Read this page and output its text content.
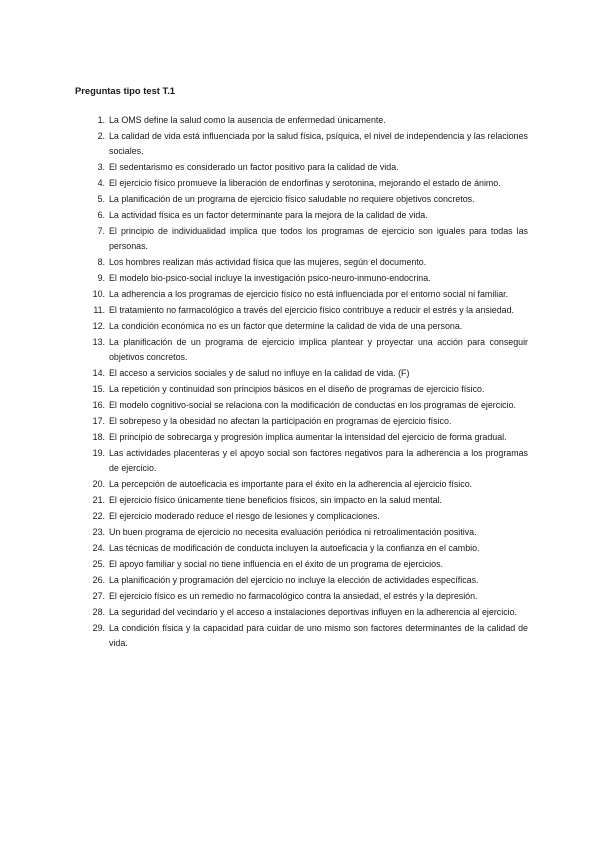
Preguntas tipo test T.1
1. La OMS define la salud como la ausencia de enfermedad únicamente.
2. La calidad de vida está influenciada por la salud física, psíquica, el nivel de independencia y las relaciones sociales.
3. El sedentarismo es considerado un factor positivo para la calidad de vida.
4. El ejercicio físico promueve la liberación de endorfinas y serotonina, mejorando el estado de ánimo.
5. La planificación de un programa de ejercicio físico saludable no requiere objetivos concretos.
6. La actividad física es un factor determinante para la mejora de la calidad de vida.
7. El principio de individualidad implica que todos los programas de ejercicio son iguales para todas las personas.
8. Los hombres realizan más actividad física que las mujeres, según el documento.
9. El modelo bio-psico-social incluye la investigación psico-neuro-inmuno-endocrina.
10. La adherencia a los programas de ejercicio físico no está influenciada por el entorno social ni familiar.
11. El tratamiento no farmacológico a través del ejercicio físico contribuye a reducir el estrés y la ansiedad.
12. La condición económica no es un factor que determine la calidad de vida de una persona.
13. La planificación de un programa de ejercicio implica plantear y proyectar una acción para conseguir objetivos concretos.
14. El acceso a servicios sociales y de salud no influye en la calidad de vida. (F)
15. La repetición y continuidad son principios básicos en el diseño de programas de ejercicio físico.
16. El modelo cognitivo-social se relaciona con la modificación de conductas en los programas de ejercicio.
17. El sobrepeso y la obesidad no afectan la participación en programas de ejercicio físico.
18. El principio de sobrecarga y progresión implica aumentar la intensidad del ejercicio de forma gradual.
19. Las actividades placenteras y el apoyo social son factores negativos para la adherencia a los programas de ejercicio.
20. La percepción de autoeficacia es importante para el éxito en la adherencia al ejercicio físico.
21. El ejercicio físico únicamente tiene beneficios físicos, sin impacto en la salud mental.
22. El ejercicio moderado reduce el riesgo de lesiones y complicaciones.
23. Un buen programa de ejercicio no necesita evaluación periódica ni retroalimentación positiva.
24. Las técnicas de modificación de conducta incluyen la autoeficacia y la confianza en el cambio.
25. El apoyo familiar y social no tiene influencia en el éxito de un programa de ejercicios.
26. La planificación y programación del ejercicio no incluye la elección de actividades específicas.
27. El ejercicio físico es un remedio no farmacológico contra la ansiedad, el estrés y la depresión.
28. La seguridad del vecindario y el acceso a instalaciones deportivas influyen en la adherencia al ejercicio.
29. La condición física y la capacidad para cuidar de uno mismo son factores determinantes de la calidad de vida.
